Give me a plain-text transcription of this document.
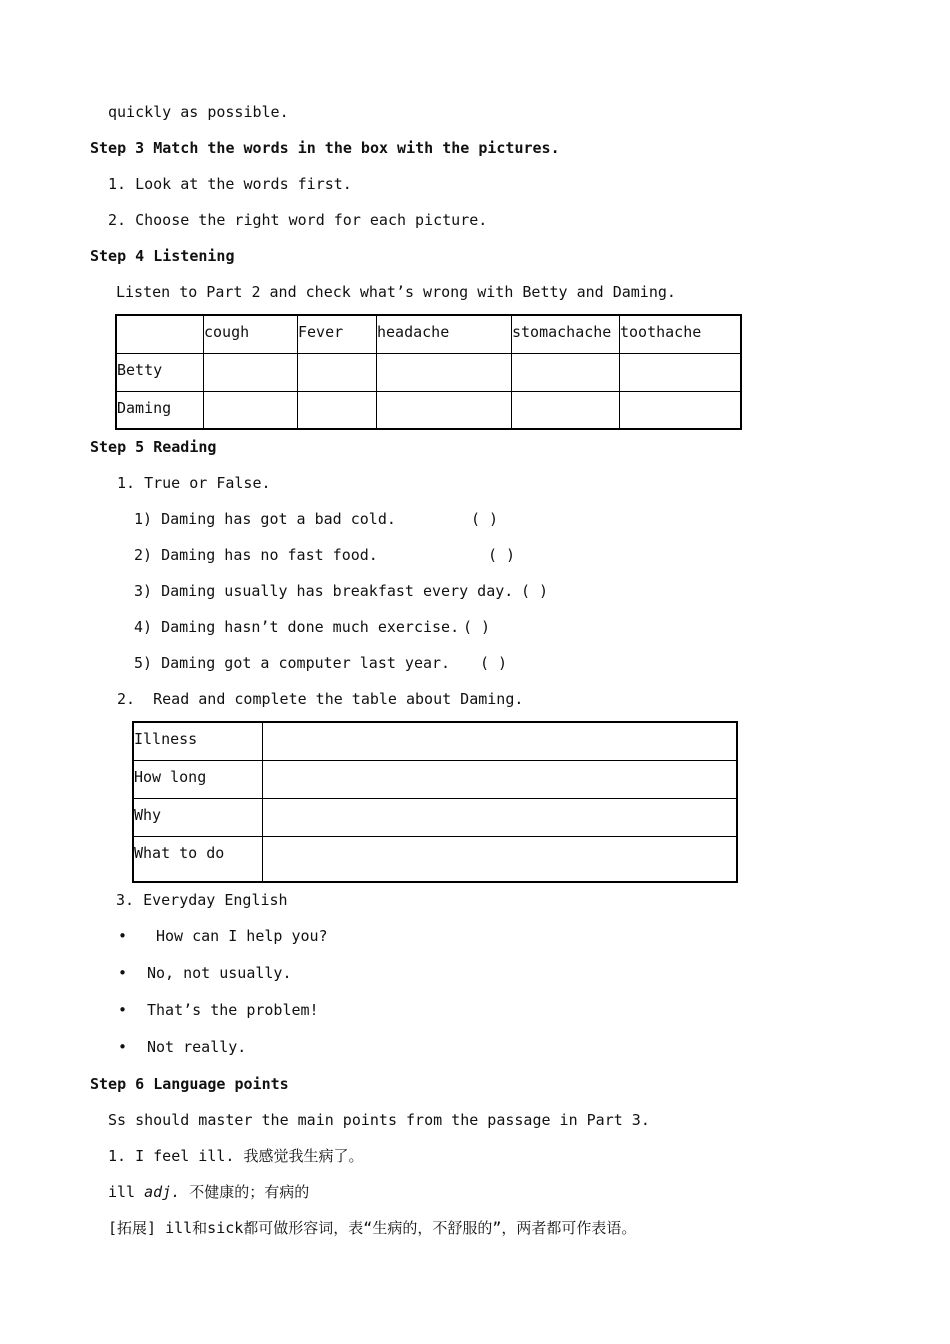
quickly as possible.
Step 3 Match the words in the box with the pictures.
1. Look at the words first.
2. Choose the right word for each picture.
Step 4 Listening
Listen to Part 2 and check what’s wrong with Betty and Daming.
	cough	Fever	headache	stomachache	toothache
Betty					
Daming					
Step 5 Reading
1. True or False.
1) Daming has got a bad cold.	( )
2) Daming has no fast food.	( )
3) Daming usually has breakfast every day. ( )
4) Daming hasn’t done much exercise. ( )
5) Daming got a computer last year. ( )
2.  Read and complete the table about Daming.
Illness	
How long	
Why	
What to do	
3. Everyday English
• How can I help you?
• No, not usually.
• That’s the problem!
• Not really.
Step 6 Language points
Ss should master the main points from the passage in Part 3.
1. I feel ill. 我感觉我生病了。
ill adj. 不健康的；有病的
[拓展] ill和sick都可做形容词，表“生病的，不舒服的”，两者都可作表语。
